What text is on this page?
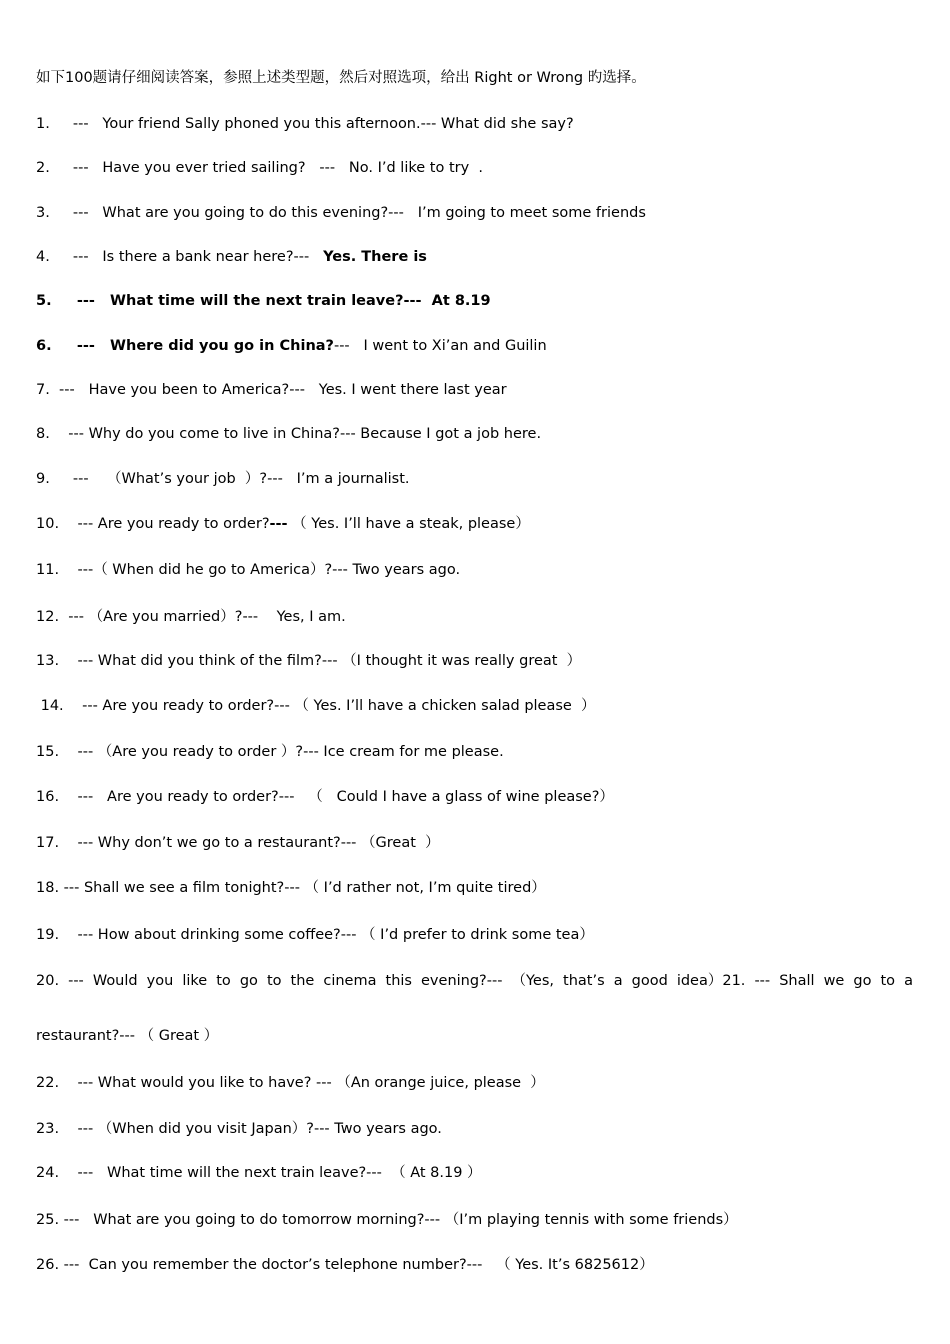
如下100题请仔细阅读答案，参照上述类型题，然后对照选项，给出 Right or Wrong 旳选择。
1.     ---   Your friend Sally phoned you this afternoon.--- What did she say?
2.     ---   Have you ever tried sailing?   ---   No. I’d like to try  .
3.     ---   What are you going to do this evening?---   I’m going to meet some friends
4.     ---   Is there a bank near here?---   Yes. There is
5.     ---   What time will the next train leave?---  At 8.19
6.     ---   Where did you go in China?---   I went to Xi’an and Guilin
7.  ---   Have you been to America?---   Yes. I went there last year
8.    --- Why do you come to live in China?--- Because I got a job here.
9.     ---    （What’s your job  ）?---   I’m a journalist.
10.    --- Are you ready to order?--- （ Yes. I’ll have a steak, please）
11.    ---（ When did he go to America）?--- Two years ago.
12.  --- （Are you married）?---    Yes, I am.
13.    --- What did you think of the film?--- （I thought it was really great  ）
14.    --- Are you ready to order?--- （ Yes. I’ll have a chicken salad please  ）
15.    --- （Are you ready to order ）?--- Ice cream for me please.
16.    ---   Are you ready to order?---   （   Could I have a glass of wine please?）
17.    --- Why don’t we go to a restaurant?--- （Great  ）
18. --- Shall we see a film tonight?--- （ I’d rather not, I’m quite tired）
19.    --- How about drinking some coffee?--- （ I’d prefer to drink some tea）
20. --- Would you like to go to the cinema this evening?--- （Yes, that’s a good idea）21. --- Shall we go to a
restaurant?--- （ Great ）
22.    --- What would you like to have? --- （An orange juice, please  ）
23.    --- （When did you visit Japan）?--- Two years ago.
24.    ---   What time will the next train leave?---  （ At 8.19 ）
25. ---   What are you going to do tomorrow morning?--- （I’m playing tennis with some friends）
26. ---  Can you remember the doctor’s telephone number?---   （ Yes. It’s 6825612）
